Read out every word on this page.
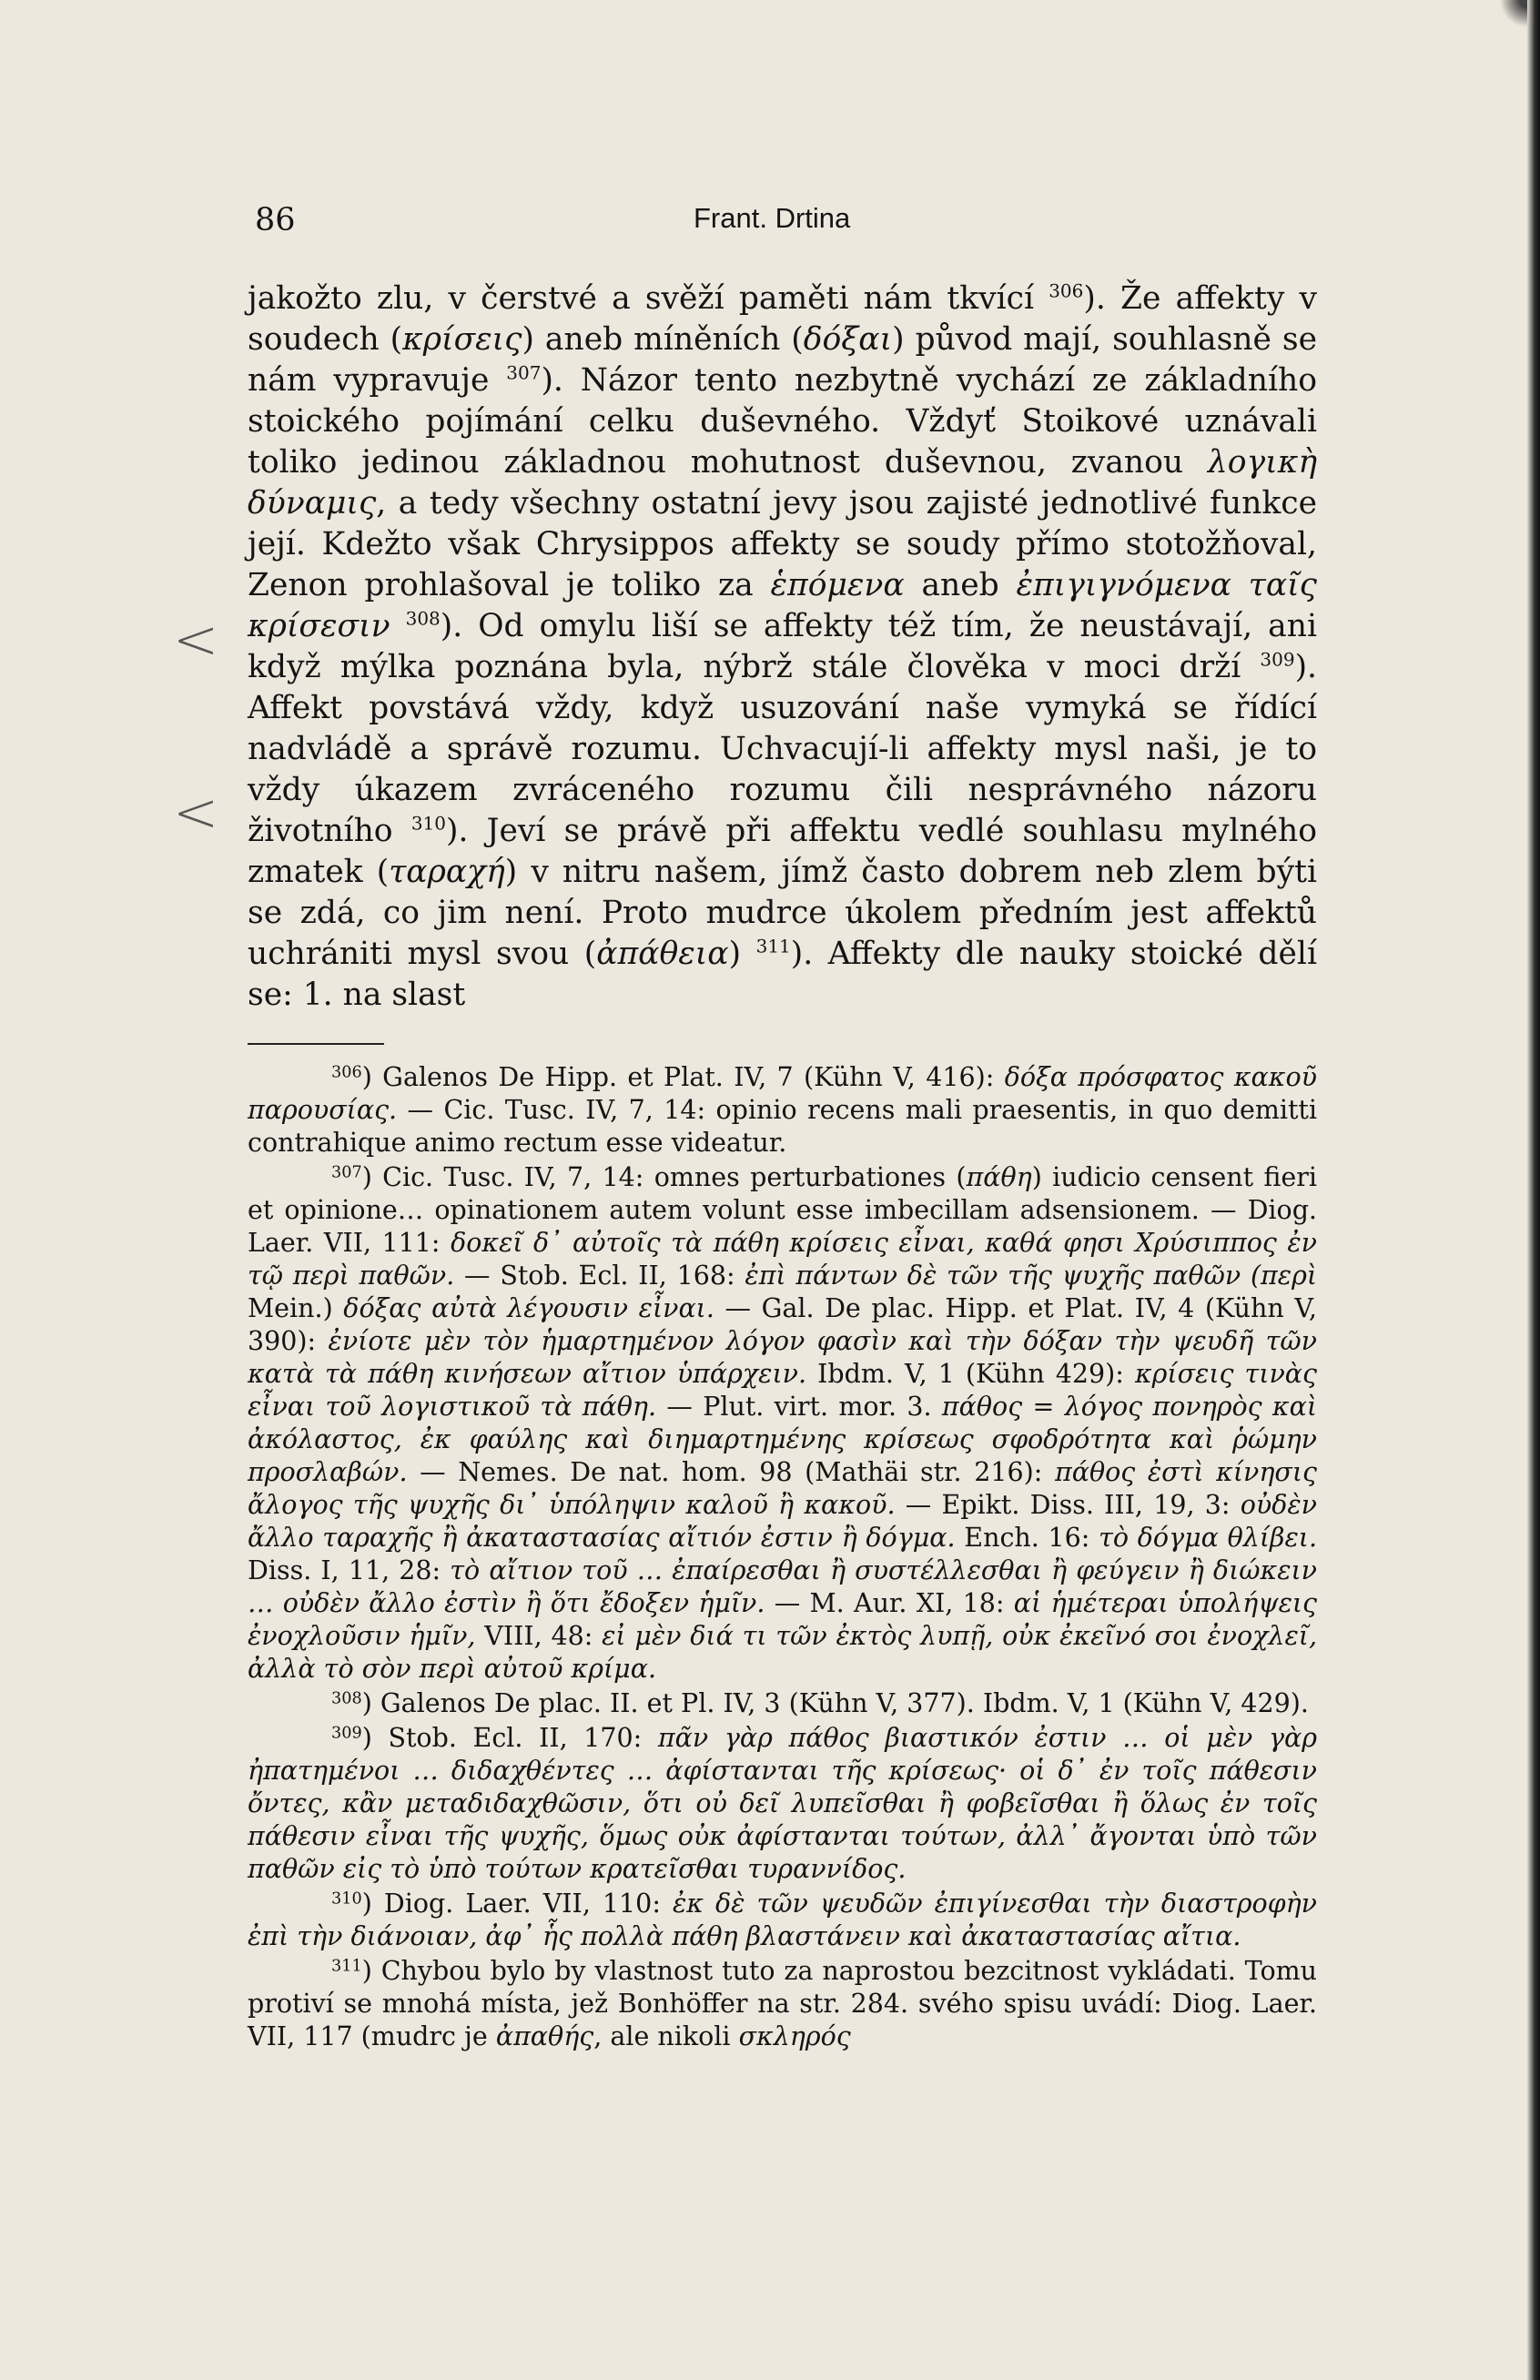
<
<
86	Frant. Drtina

jakožto zlu, v čerstvé a svěží paměti nám tkvící $^{306}$). Že affekty v soudech (κρίσεις) aneb míněních (δόξαι) původ mají, souhlasně se nám vypravuje $^{307}$). Názor tento nezbytně vychází ze základního stoického pojímání celku duševného. Vždyť Stoikové uznávali toliko jedinou základnou mohutnost duševnou, zvanou λογικὴ δύναμις, a tedy všechny ostatní jevy jsou zajisté jednotlivé funkce její. Kdežto však Chrysippos affekty se soudy přímo stotožňoval, Zenon prohlašoval je toliko za ἑπόμενα aneb ἐπιγιγνόμενα ταῖς κρίσεσιν $^{308}$). Od omylu liší se affekty též tím, že neustávají, ani když mýlka poznána byla, nýbrž stále člověka v moci drží $^{309}$). Affekt povstává vždy, když usuzování naše vymyká se řídící nadvládě a správě rozumu. Uchvacují-li affekty mysl naši, je to vždy úkazem zvráceného rozumu čili nesprávného názoru životního $^{310}$). Jeví se právě při affektu vedlé souhlasu mylného zmatek (ταραχή) v nitru našem, jímž často dobrem neb zlem býti se zdá, co jim není. Proto mudrce úkolem předním jest affektů uchrániti mysl svou (ἀπάθεια) $^{311}$). Affekty dle nauky stoické dělí se: 1. na slast

$^{306}$) Galenos De Hipp. et Plat. IV, 7 (Kühn V, 416): δόξα πρόσφατος κακοῦ παρουσίας. — Cic. Tusc. IV, 7, 14: opinio recens mali praesentis, in quo demitti contrahique animo rectum esse videatur.

$^{307}$) Cic. Tusc. IV, 7, 14: omnes perturbationes (πάθη) iudicio censent fieri et opinione… opinationem autem volunt esse imbecillam adsensionem. — Diog. Laer. VII, 111: δοκεῖ δ᾽ αὐτοῖς τὰ πάθη κρίσεις εἶναι, καθά φησι Χρύσιππος ἐν τῷ περὶ παθῶν. — Stob. Ecl. II, 168: ἐπὶ πάντων δὲ τῶν τῆς ψυχῆς παθῶν (περὶ Mein.) δόξας αὐτὰ λέγουσιν εἶναι. — Gal. De plac. Hipp. et Plat. IV, 4 (Kühn V, 390): ἐνίοτε μὲν τὸν ἡμαρτημένον λόγον φασὶν καὶ τὴν δόξαν τὴν ψευδῆ τῶν κατὰ τὰ πάθη κινήσεων αἴτιον ὑπάρχειν. Ibdm. V, 1 (Kühn 429): κρίσεις τινὰς εἶναι τοῦ λογιστικοῦ τὰ πάθη. — Plut. virt. mor. 3. πάθος = λόγος πονηρὸς καὶ ἀκόλαστος, ἐκ φαύλης καὶ διημαρτημένης κρίσεως σφοδρότητα καὶ ῥώμην προσλαβών. — Nemes. De nat. hom. 98 (Mathäi str. 216): πάθος ἐστὶ κίνησις ἄλογος τῆς ψυχῆς δι᾽ ὑπόληψιν καλοῦ ἢ κακοῦ. — Epikt. Diss. III, 19, 3: οὐδὲν ἄλλο ταραχῆς ἢ ἀκαταστασίας αἴτιόν ἐστιν ἢ δόγμα. Ench. 16: τὸ δόγμα θλίβει. Diss. I, 11, 28: τὸ αἴτιον τοῦ … ἐπαίρεσθαι ἢ συστέλλεσθαι ἢ φεύγειν ἢ διώκειν … οὐδὲν ἄλλο ἐστὶν ἢ ὅτι ἔδοξεν ἡμῖν. — M. Aur. XI, 18: αἱ ἡμέτεραι ὑπολήψεις ἐνοχλοῦσιν ἡμῖν, VIII, 48: εἰ μὲν διά τι τῶν ἐκτὸς λυπῇ, οὐκ ἐκεῖνό σοι ἐνοχλεῖ, ἀλλὰ τὸ σὸν περὶ αὐτοῦ κρίμα.

$^{308}$) Galenos De plac. II. et Pl. IV, 3 (Kühn V, 377). Ibdm. V, 1 (Kühn V, 429).

$^{309}$) Stob. Ecl. II, 170: πᾶν γὰρ πάθος βιαστικόν ἐστιν … οἱ μὲν γὰρ ἠπατημένοι … διδαχθέντες … ἀφίστανται τῆς κρίσεως· οἱ δ᾽ ἐν τοῖς πάθεσιν ὄντες, κἂν μεταδιδαχθῶσιν, ὅτι οὐ δεῖ λυπεῖσθαι ἢ φοβεῖσθαι ἢ ὅλως ἐν τοῖς πάθεσιν εἶναι τῆς ψυχῆς, ὅμως οὐκ ἀφίστανται τούτων, ἀλλ᾽ ἄγονται ὑπὸ τῶν παθῶν εἰς τὸ ὑπὸ τούτων κρατεῖσθαι τυραννίδος.

$^{310}$) Diog. Laer. VII, 110: ἐκ δὲ τῶν ψευδῶν ἐπιγίνεσθαι τὴν διαστροφὴν ἐπὶ τὴν διάνοιαν, ἀφ᾽ ἧς πολλὰ πάθη βλαστάνειν καὶ ἀκαταστασίας αἴτια.

$^{311}$) Chybou bylo by vlastnost tuto za naprostou bezcitnost vykládati. Tomu protiví se mnohá místa, jež Bonhöffer na str. 284. svého spisu uvádí: Diog. Laer. VII, 117 (mudrc je ἀπαθής, ale nikoli σκληρός
